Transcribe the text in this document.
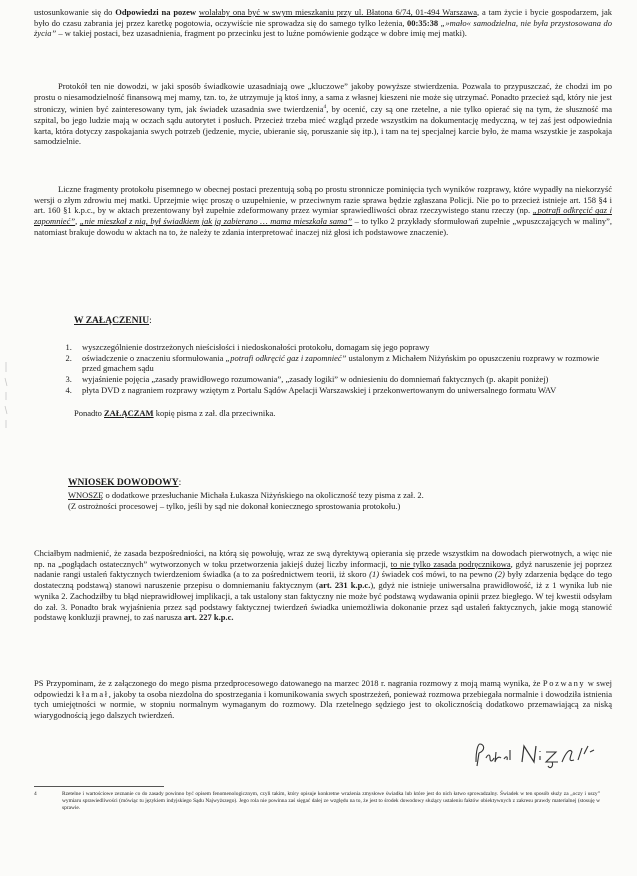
ustosunkowanie się do Odpowiedzi na pozew wolałaby ona być w swym mieszkaniu przy ul. Błatona 6/74, 01-494 Warszawa, a tam życie i bycie gospodarzem, jak było do czasu zabrania jej przez karetkę pogotowia, oczywiście nie sprowadza się do samego tylko leżenia, 00:35:38 „»mało« samodzielna, nie była przystosowana do życia” – w takiej postaci, bez uzasadnienia, fragment po przecinku jest to luźne pomówienie godzące w dobre imię mej matki).

Protokół ten nie dowodzi, w jaki sposób świadkowie uzasadniają owe „kluczowe” jakoby powyższe stwierdzenia. Pozwala to przypuszczać, że chodzi im po prostu o niesamodzielność finansową mej mamy, tzn. to, że utrzymuje ją ktoś inny, a sama z własnej kieszeni nie może się utrzymać. Ponadto przecież sąd, który nie jest stroniczy, winien być zainteresowany tym, jak świadek uzasadnia swe twierdzenia$^4$, by ocenić, czy są one rzetelne, a nie tylko opierać się na tym, że słuszność ma szpital, bo jego ludzie mają w oczach sądu autorytet i posłuch. Przecież trzeba mieć wzgląd przede wszystkim na dokumentację medyczną, w tej zaś jest odpowiednia karta, która dotyczy zaspokajania swych potrzeb (jedzenie, mycie, ubieranie się, poruszanie się itp.), i tam na tej specjalnej karcie było, że mama wszystkie je zaspokaja samodzielnie.

Liczne fragmenty protokołu pisemnego w obecnej postaci prezentują sobą po prostu stronnicze pominięcia tych wyników rozprawy, które wypadły na niekorzyść wersji o złym zdrowiu mej matki. Uprzejmie więc proszę o uzupełnienie, w przeciwnym razie sprawa będzie zgłaszana Policji. Nie po to przecież istnieje art. 158 §4 i art. 160 §1 k.p.c., by w aktach prezentowany był zupełnie zdeformowany przez wymiar sprawiedliwości obraz rzeczywistego stanu rzeczy (np. „potrafi odkręcić gaz i zapomnieć”, „nie mieszkał z nią, był świadkiem jak ją zabierano … mama mieszkała sama” – to tylko 2 przykłady sformułowań zupełnie „wpuszczających w maliny”, natomiast brakuje dowodu w aktach na to, że należy te zdania interpretować inaczej niż głosi ich podstawowe znaczenie).

W ZAŁĄCZENIU:

1. wyszczególnienie dostrzeżonych nieścisłości i niedoskonałości protokołu, domagam się jego poprawy
2. oświadczenie o znaczeniu sformułowania „potrafi odkręcić gaz i zapomnieć” ustalonym z Michałem Niżyńskim po opuszczeniu rozprawy w rozmowie przed gmachem sądu
3. wyjaśnienie pojęcia „zasady prawidłowego rozumowania”, „zasady logiki” w odniesieniu do domniemań faktycznych (p. akapit poniżej)
4. płyta DVD z nagraniem rozprawy wziętym z Portalu Sądów Apelacji Warszawskiej i przekonwertowanym do uniwersalnego formatu WAV

Ponadto ZAŁĄCZAM kopię pisma z zał. dla przeciwnika.

WNIOSEK DOWODOWY:

WNOSZĘ o dodatkowe przesłuchanie Michała Łukasza Niżyńskiego na okoliczność tezy pisma z zał. 2.

(Z ostrożności procesowej – tylko, jeśli by sąd nie dokonał koniecznego sprostowania protokołu.)

Chciałbym nadmienić, że zasada bezpośredniości, na którą się powołuję, wraz ze swą dyrektywą opierania się przede wszystkim na dowodach pierwotnych, a więc nie np. na „pogłądach ostatecznych” wytworzonych w toku przetworzenia jakiejś dużej liczby informacji, to nie tylko zasada podręcznikowa, gdyż naruszenie jej poprzez nadanie rangi ustaleń faktycznych twierdzeniom świadka (a to za pośrednictwem teorii, iż skoro (1) świadek coś mówi, to na pewno (2) były zdarzenia będące do tego dostateczną podstawą) stanowi naruszenie przepisu o domniemaniu faktycznym (art. 231 k.p.c.), gdyż nie istnieje uniwersalna prawidłowość, iż z 1 wynika lub nie wynika 2. Zachodziłby tu błąd nieprawidłowej implikacji, a tak ustalony stan faktyczny nie może być podstawą wydawania opinii przez biegłego. W tej kwestii odsyłam do zał. 3. Ponadto brak wyjaśnienia przez sąd podstawy faktycznej twierdzeń świadka uniemożliwia dokonanie przez sąd ustaleń faktycznych, jakie mogą stanowić podstawę konkluzji prawnej, to zaś narusza art. 227 k.p.c.

PS Przypominam, że z załączonego do mego pisma przedprocesowego datowanego na marzec 2018 r. nagrania rozmowy z moją mamą wynika, że Pozwany w swej odpowiedzi kłamał, jakoby ta osoba niezdolna do spostrzegania i komunikowania swych spostrzeżeń, ponieważ rozmowa przebiegała normalnie i dowodziła istnienia tych umiejętności w normie, w stopniu normalnym wymaganym do rozmowy. Dla rzetelnego sędziego jest to okolicznością dodatkowo przemawiającą za niską wiarygodnością jego dalszych twierdzeń.

4	Rzetelne i wartościowe zeznanie co do zasady powinno być opisem fenomenologicznym, czyli takim, który opisuje konkretne wrażenia zmysłowe świadka lub które jest do nich łatwo sprowadzalny. Świadek w ten sposób służy za „oczy i uszy” wymiaru sprawiedliwości (mówiąc tu językiem indyjskiego Sądu Najwyższego). Jego rola nie powinna zaś sięgać dalej ze względu na to, że jest to środek dowodowy służący ustaleniu faktów obiektywnych z zakresu prawdy materialnej (stosuję w sprawie.
